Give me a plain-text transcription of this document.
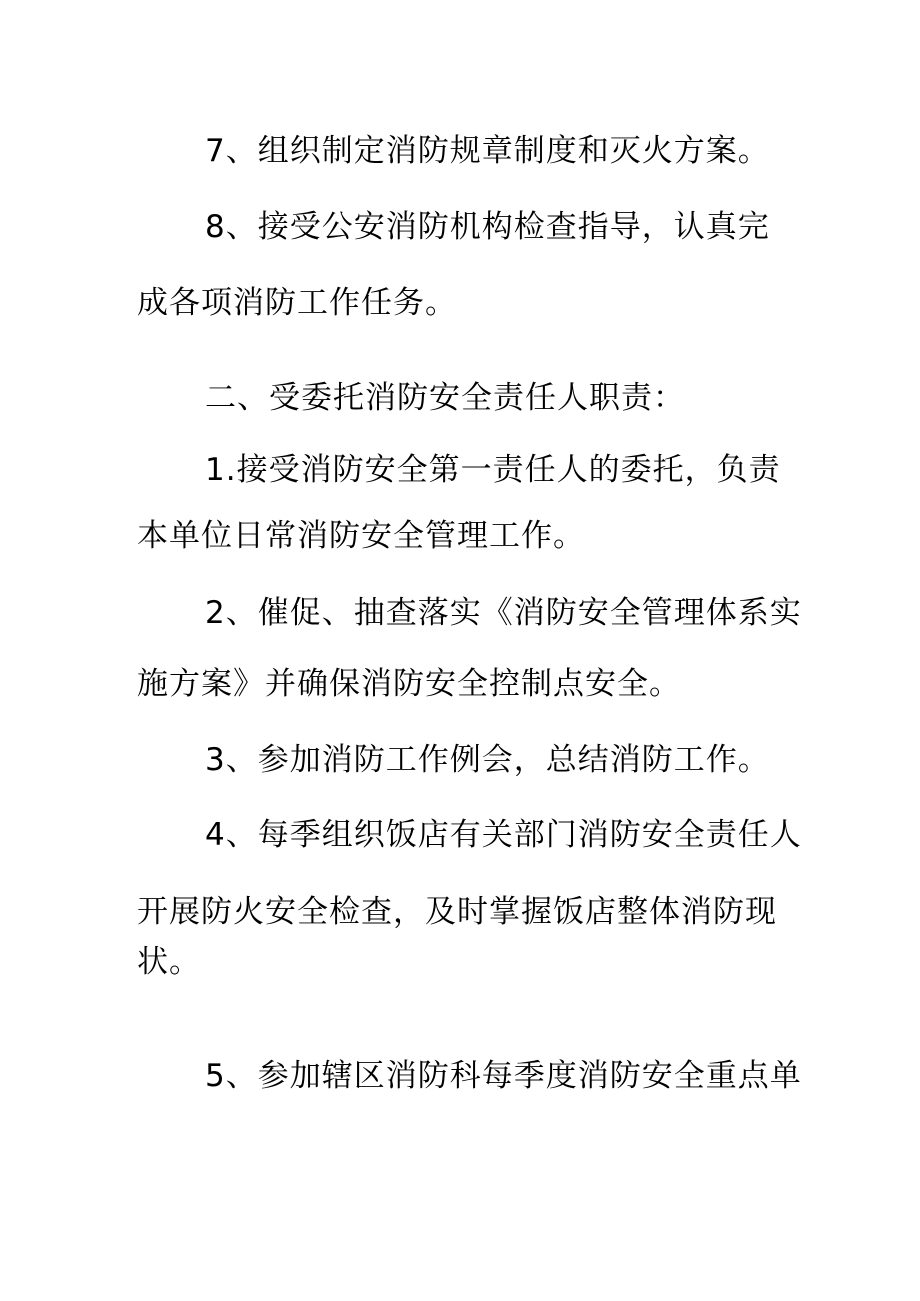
7、组织制定消防规章制度和灭火方案。
8、接受公安消防机构检查指导，认真完
成各项消防工作任务。
二、受委托消防安全责任人职责：
1.接受消防安全第一责任人的委托，负责
本单位日常消防安全管理工作。
2、催促、抽查落实《消防安全管理体系实
施方案》并确保消防安全控制点安全。
3、参加消防工作例会，总结消防工作。
4、每季组织饭店有关部门消防安全责任人
开展防火安全检查，及时掌握饭店整体消防现
状。
5、参加辖区消防科每季度消防安全重点单
